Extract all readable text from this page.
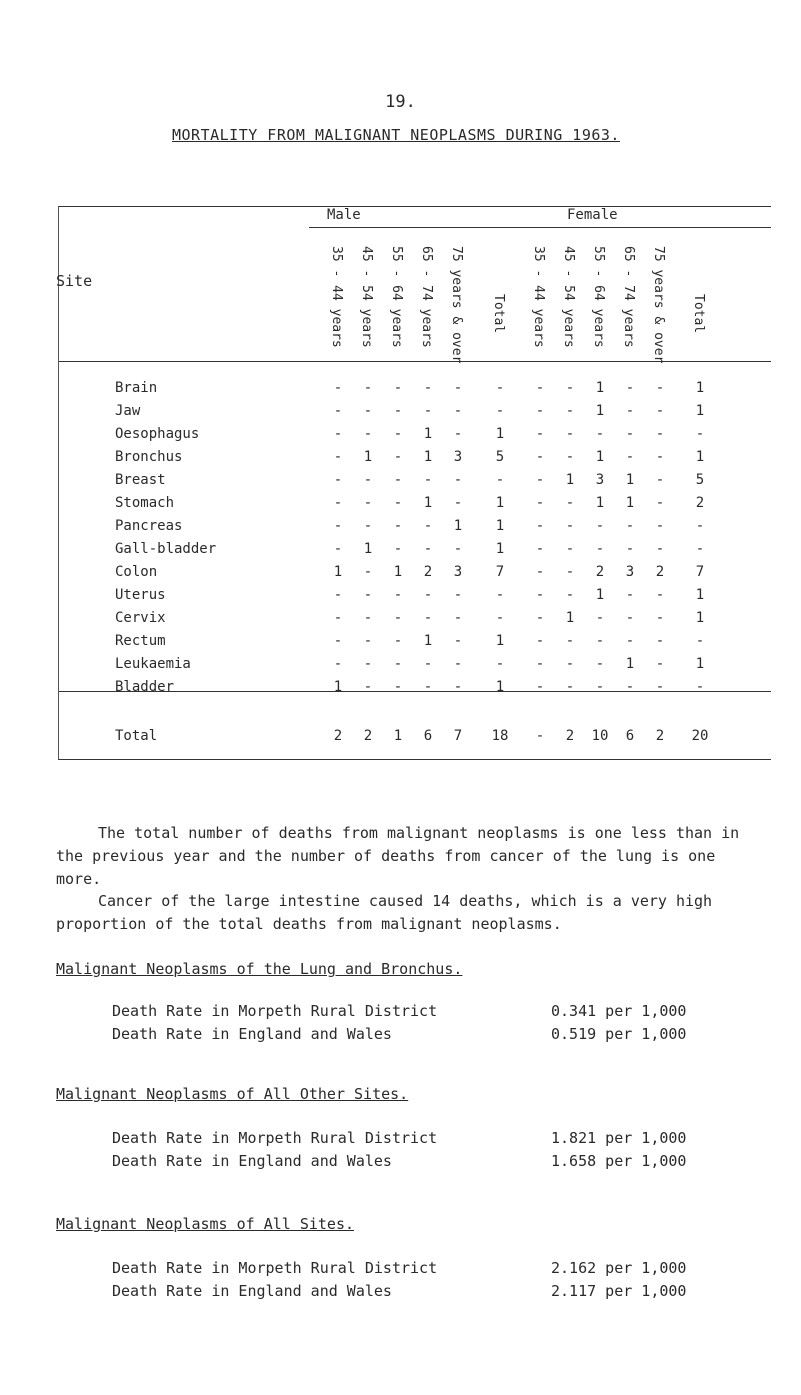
19.
MORTALITY FROM MALIGNANT NEOPLASMS DURING 1963.
Male	Female
Site	35 - 44 years 45 - 54 years 55 - 64 years 65 - 74 years 75 years & over Total 35 - 44 years 45 - 54 years 55 - 64 years 65 - 74 years 75 years & over Total
Brain	-	-	-	-	-	-	-	-	1	-	-	1
Jaw	-	-	-	-	-	-	-	-	1	-	-	1
Oesophagus	-	-	-	1	-	1	-	-	-	-	-	-
Bronchus	-	1	-	1	3	5	-	-	1	-	-	1
Breast	-	-	-	-	-	-	-	1	3	1	-	5
Stomach	-	-	-	1	-	1	-	-	1	1	-	2
Pancreas	-	-	-	-	1	1	-	-	-	-	-	-
Gall-bladder	-	1	-	-	-	1	-	-	-	-	-	-
Colon	1	-	1	2	3	7	-	-	2	3	2	7
Uterus	-	-	-	-	-	-	-	-	1	-	-	1
Cervix	-	-	-	-	-	-	-	1	-	-	-	1
Rectum	-	-	-	1	-	1	-	-	-	-	-	-
Leukaemia	-	-	-	-	-	-	-	-	-	1	-	1
Bladder	1	-	-	-	-	1	-	-	-	-	-	-
Total	2	2	1	6	7	18	-	2	10	6	2	20
The total number of deaths from malignant neoplasms is one less than in the previous year and the number of deaths from cancer of the lung is one more.
Cancer of the large intestine caused 14 deaths, which is a very high proportion of the total deaths from malignant neoplasms.
Malignant Neoplasms of the Lung and Bronchus.
Death Rate in Morpeth Rural District	0.341 per 1,000
Death Rate in England and Wales	0.519 per 1,000
Malignant Neoplasms of All Other Sites.
Death Rate in Morpeth Rural District	1.821 per 1,000
Death Rate in England and Wales	1.658 per 1,000
Malignant Neoplasms of All Sites.
Death Rate in Morpeth Rural District	2.162 per 1,000
Death Rate in England and Wales	2.117 per 1,000
